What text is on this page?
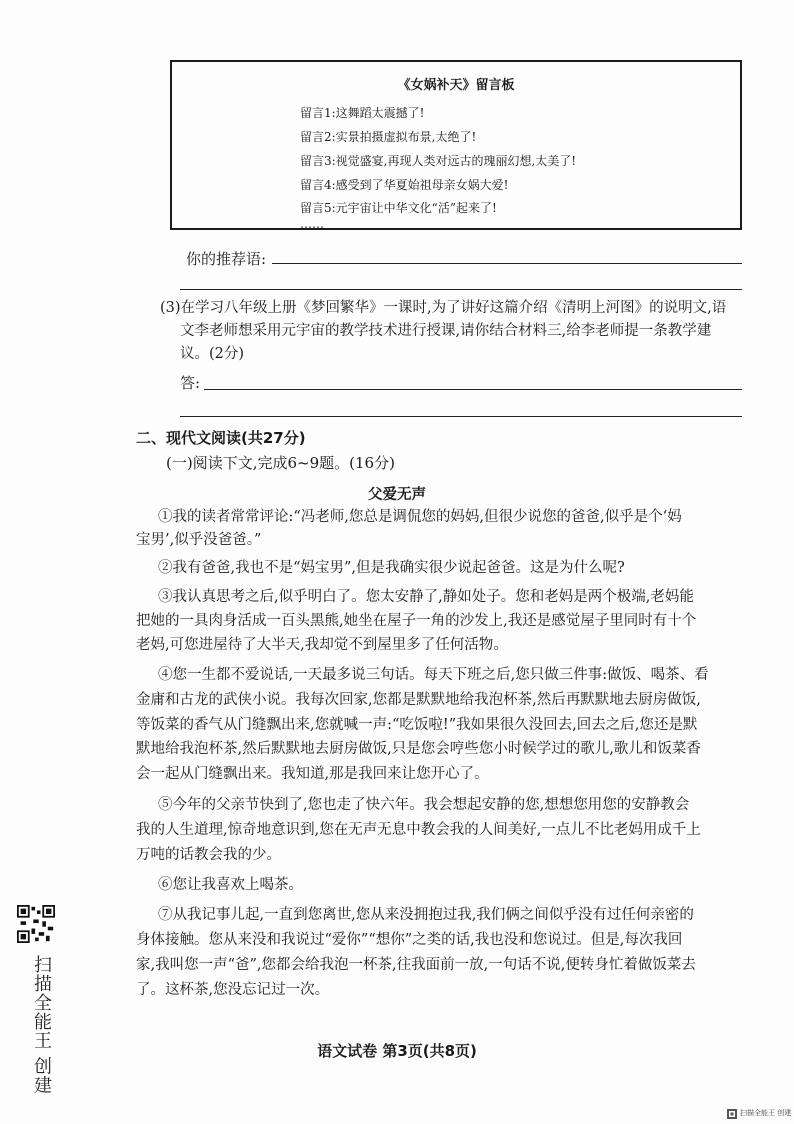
《女娲补天》留言板
留言1:这舞蹈太震撼了!
留言2:实景拍摄虚拟布景,太绝了!
留言3:视觉盛宴,再现人类对远古的瑰丽幻想,太美了!
留言4:感受到了华夏始祖母亲女娲大爱!
留言5:元宇宙让中华文化“活”起来了!
……
你的推荐语:
(3)在学习八年级上册《梦回繁华》一课时,为了讲好这篇介绍《清明上河图》的说明文,语
文李老师想采用元宇宙的教学技术进行授课,请你结合材料三,给李老师提一条教学建
议。(2分)
答:
二、现代文阅读(共27分)
(一)阅读下文,完成6~9题。(16分)
父爱无声
①我的读者常常评论:“冯老师,您总是调侃您的妈妈,但很少说您的爸爸,似乎是个‘妈
宝男’,似乎没爸爸。”
②我有爸爸,我也不是“妈宝男”,但是我确实很少说起爸爸。这是为什么呢?
③我认真思考之后,似乎明白了。您太安静了,静如处子。您和老妈是两个极端,老妈能
把她的一具肉身活成一百头黑熊,她坐在屋子一角的沙发上,我还是感觉屋子里同时有十个
老妈,可您进屋待了大半天,我却觉不到屋里多了任何活物。
④您一生都不爱说话,一天最多说三句话。每天下班之后,您只做三件事:做饭、喝茶、看
金庸和古龙的武侠小说。我每次回家,您都是默默地给我泡杯茶,然后再默默地去厨房做饭,
等饭菜的香气从门缝飘出来,您就喊一声:“吃饭啦!”我如果很久没回去,回去之后,您还是默
默地给我泡杯茶,然后默默地去厨房做饭,只是您会哼些您小时候学过的歌儿,歌儿和饭菜香
会一起从门缝飘出来。我知道,那是我回来让您开心了。
⑤今年的父亲节快到了,您也走了快六年。我会想起安静的您,想想您用您的安静教会
我的人生道理,惊奇地意识到,您在无声无息中教会我的人间美好,一点儿不比老妈用成千上
万吨的话教会我的少。
⑥您让我喜欢上喝茶。
⑦从我记事儿起,一直到您离世,您从来没拥抱过我,我们俩之间似乎没有过任何亲密的
身体接触。您从来没和我说过“爱你”“想你”之类的话,我也没和您说过。但是,每次我回
家,我叫您一声“爸”,您都会给我泡一杯茶,往我面前一放,一句话不说,便转身忙着做饭菜去
了。这杯茶,您没忘记过一次。
语文试卷 第3页(共8页)
扫描全能王 创建
扫描全能王 创建
